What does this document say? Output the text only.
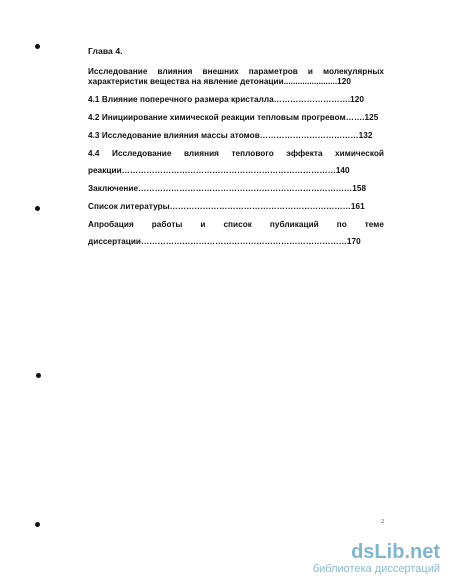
Глава 4.
Исследование влияния внешних параметров и молекулярных
характеристик вещества на явление детонации.......................120
4.1 Влияние поперечного размера кристалла……………………….120
4.2 Инициирование химической реакции тепловым прогревом…….125
4.3 Исследование влияния массы атомов………………………………132
4.4 Исследование влияния теплового эффекта химической
реакции……………………………………………………………………140
Заключение……………………………………………………………………158
Список литературы…………………………………………………………161
Апробация работы и список публикаций по теме
диссертации…………………………………………………………………170
2
dsLib.net
библиотека диссертаций
